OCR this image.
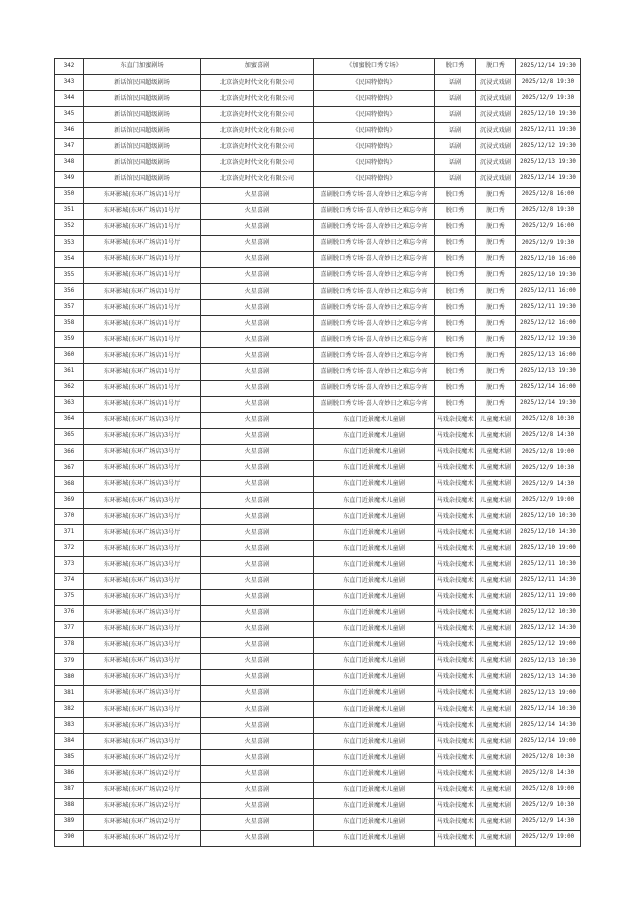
342	东直门加蜜剧场	加蜜喜剧	《加蜜脱口秀专场》	脱口秀	脱口秀	2025/12/14 19:30
343	新话馆民国超级剧场	北京洛克时代文化有限公司	《民国特僚钩》	话剧	沉浸式戏剧	2025/12/8 19:30
344	新话馆民国超级剧场	北京洛克时代文化有限公司	《民国特僚钩》	话剧	沉浸式戏剧	2025/12/9 19:30
345	新话馆民国超级剧场	北京洛克时代文化有限公司	《民国特僚钩》	话剧	沉浸式戏剧	2025/12/10 19:30
346	新话馆民国超级剧场	北京洛克时代文化有限公司	《民国特僚钩》	话剧	沉浸式戏剧	2025/12/11 19:30
347	新话馆民国超级剧场	北京洛克时代文化有限公司	《民国特僚钩》	话剧	沉浸式戏剧	2025/12/12 19:30
348	新话馆民国超级剧场	北京洛克时代文化有限公司	《民国特僚钩》	话剧	沉浸式戏剧	2025/12/13 19:30
349	新话馆民国超级剧场	北京洛克时代文化有限公司	《民国特僚钩》	话剧	沉浸式戏剧	2025/12/14 19:30
350	东环影城(东环广场店)1号厅	火星喜剧	喜剧脱口秀专场·喜人奇妙日之难忘今宵	脱口秀	脱口秀	2025/12/8 16:00
351	东环影城(东环广场店)1号厅	火星喜剧	喜剧脱口秀专场·喜人奇妙日之难忘今宵	脱口秀	脱口秀	2025/12/8 19:30
352	东环影城(东环广场店)1号厅	火星喜剧	喜剧脱口秀专场·喜人奇妙日之难忘今宵	脱口秀	脱口秀	2025/12/9 16:00
353	东环影城(东环广场店)1号厅	火星喜剧	喜剧脱口秀专场·喜人奇妙日之难忘今宵	脱口秀	脱口秀	2025/12/9 19:30
354	东环影城(东环广场店)1号厅	火星喜剧	喜剧脱口秀专场·喜人奇妙日之难忘今宵	脱口秀	脱口秀	2025/12/10 16:00
355	东环影城(东环广场店)1号厅	火星喜剧	喜剧脱口秀专场·喜人奇妙日之难忘今宵	脱口秀	脱口秀	2025/12/10 19:30
356	东环影城(东环广场店)1号厅	火星喜剧	喜剧脱口秀专场·喜人奇妙日之难忘今宵	脱口秀	脱口秀	2025/12/11 16:00
357	东环影城(东环广场店)1号厅	火星喜剧	喜剧脱口秀专场·喜人奇妙日之难忘今宵	脱口秀	脱口秀	2025/12/11 19:30
358	东环影城(东环广场店)1号厅	火星喜剧	喜剧脱口秀专场·喜人奇妙日之难忘今宵	脱口秀	脱口秀	2025/12/12 16:00
359	东环影城(东环广场店)1号厅	火星喜剧	喜剧脱口秀专场·喜人奇妙日之难忘今宵	脱口秀	脱口秀	2025/12/12 19:30
360	东环影城(东环广场店)1号厅	火星喜剧	喜剧脱口秀专场·喜人奇妙日之难忘今宵	脱口秀	脱口秀	2025/12/13 16:00
361	东环影城(东环广场店)1号厅	火星喜剧	喜剧脱口秀专场·喜人奇妙日之难忘今宵	脱口秀	脱口秀	2025/12/13 19:30
362	东环影城(东环广场店)1号厅	火星喜剧	喜剧脱口秀专场·喜人奇妙日之难忘今宵	脱口秀	脱口秀	2025/12/14 16:00
363	东环影城(东环广场店)1号厅	火星喜剧	喜剧脱口秀专场·喜人奇妙日之难忘今宵	脱口秀	脱口秀	2025/12/14 19:30
364	东环影城(东环广场店)3号厅	火星喜剧	东直门近景魔术儿童剧	马戏杂技魔术	儿童魔术剧	2025/12/8 10:30
365	东环影城(东环广场店)3号厅	火星喜剧	东直门近景魔术儿童剧	马戏杂技魔术	儿童魔术剧	2025/12/8 14:30
366	东环影城(东环广场店)3号厅	火星喜剧	东直门近景魔术儿童剧	马戏杂技魔术	儿童魔术剧	2025/12/8 19:00
367	东环影城(东环广场店)3号厅	火星喜剧	东直门近景魔术儿童剧	马戏杂技魔术	儿童魔术剧	2025/12/9 10:30
368	东环影城(东环广场店)3号厅	火星喜剧	东直门近景魔术儿童剧	马戏杂技魔术	儿童魔术剧	2025/12/9 14:30
369	东环影城(东环广场店)3号厅	火星喜剧	东直门近景魔术儿童剧	马戏杂技魔术	儿童魔术剧	2025/12/9 19:00
370	东环影城(东环广场店)3号厅	火星喜剧	东直门近景魔术儿童剧	马戏杂技魔术	儿童魔术剧	2025/12/10 10:30
371	东环影城(东环广场店)3号厅	火星喜剧	东直门近景魔术儿童剧	马戏杂技魔术	儿童魔术剧	2025/12/10 14:30
372	东环影城(东环广场店)3号厅	火星喜剧	东直门近景魔术儿童剧	马戏杂技魔术	儿童魔术剧	2025/12/10 19:00
373	东环影城(东环广场店)3号厅	火星喜剧	东直门近景魔术儿童剧	马戏杂技魔术	儿童魔术剧	2025/12/11 10:30
374	东环影城(东环广场店)3号厅	火星喜剧	东直门近景魔术儿童剧	马戏杂技魔术	儿童魔术剧	2025/12/11 14:30
375	东环影城(东环广场店)3号厅	火星喜剧	东直门近景魔术儿童剧	马戏杂技魔术	儿童魔术剧	2025/12/11 19:00
376	东环影城(东环广场店)3号厅	火星喜剧	东直门近景魔术儿童剧	马戏杂技魔术	儿童魔术剧	2025/12/12 10:30
377	东环影城(东环广场店)3号厅	火星喜剧	东直门近景魔术儿童剧	马戏杂技魔术	儿童魔术剧	2025/12/12 14:30
378	东环影城(东环广场店)3号厅	火星喜剧	东直门近景魔术儿童剧	马戏杂技魔术	儿童魔术剧	2025/12/12 19:00
379	东环影城(东环广场店)3号厅	火星喜剧	东直门近景魔术儿童剧	马戏杂技魔术	儿童魔术剧	2025/12/13 10:30
380	东环影城(东环广场店)3号厅	火星喜剧	东直门近景魔术儿童剧	马戏杂技魔术	儿童魔术剧	2025/12/13 14:30
381	东环影城(东环广场店)3号厅	火星喜剧	东直门近景魔术儿童剧	马戏杂技魔术	儿童魔术剧	2025/12/13 19:00
382	东环影城(东环广场店)3号厅	火星喜剧	东直门近景魔术儿童剧	马戏杂技魔术	儿童魔术剧	2025/12/14 10:30
383	东环影城(东环广场店)3号厅	火星喜剧	东直门近景魔术儿童剧	马戏杂技魔术	儿童魔术剧	2025/12/14 14:30
384	东环影城(东环广场店)3号厅	火星喜剧	东直门近景魔术儿童剧	马戏杂技魔术	儿童魔术剧	2025/12/14 19:00
385	东环影城(东环广场店)2号厅	火星喜剧	东直门近景魔术儿童剧	马戏杂技魔术	儿童魔术剧	2025/12/8 10:30
386	东环影城(东环广场店)2号厅	火星喜剧	东直门近景魔术儿童剧	马戏杂技魔术	儿童魔术剧	2025/12/8 14:30
387	东环影城(东环广场店)2号厅	火星喜剧	东直门近景魔术儿童剧	马戏杂技魔术	儿童魔术剧	2025/12/8 19:00
388	东环影城(东环广场店)2号厅	火星喜剧	东直门近景魔术儿童剧	马戏杂技魔术	儿童魔术剧	2025/12/9 10:30
389	东环影城(东环广场店)2号厅	火星喜剧	东直门近景魔术儿童剧	马戏杂技魔术	儿童魔术剧	2025/12/9 14:30
390	东环影城(东环广场店)2号厅	火星喜剧	东直门近景魔术儿童剧	马戏杂技魔术	儿童魔术剧	2025/12/9 19:00
